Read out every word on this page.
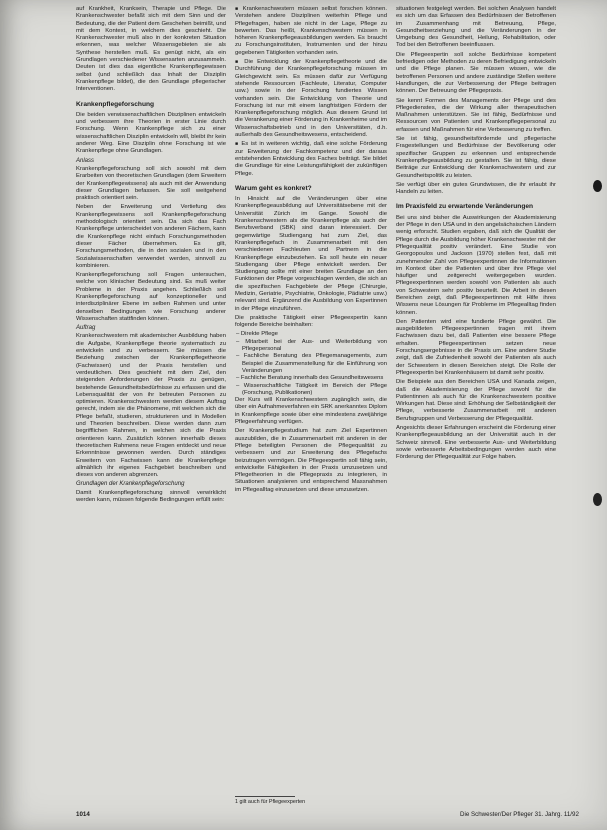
auf Krankheit, Kranksein, Therapie und Pflege. Die Krankenschwester befaßt sich mit dem Sinn und der Bedeutung, die der Patient dem Geschehen beimißt, und mit dem Kontext, in welchem dies geschieht. Die Krankenschwester muß also in der konkreten Situation erkennen, was welcher Wissensgebieten sie als Synthese herstellen muß. Es genügt nicht, als ein Grundlagen verschiedener Wissensarten anzusammeln. Deuten ist dies das eigentliche Krankenpflegewissen selbst (und schließlich das Inhalt der Disziplin Krankenpflege bildet), die den Grundlage pflegerischer Interventionen.

Krankenpflegeforschung

Die beiden verwissenschaftlichen Disziplinen entwickeln und verbessern ihre Theorien in erster Linie durch Forschung. Wenn Krankenpflege sich zu einer wissenschaftlichen Disziplin entwickeln will, bleibt ihr kein anderer Weg. Eine Disziplin ohne Forschung ist wie Krankenpflege ohne Grundlagen.

Anlass

Krankenpflegeforschung soll sich sowohl mit dem Erarbeiten von theoretischen Grundlagen (dem Erweitern der Krankenpflegewissens) als auch mit der Anwendung dieser Grundlagen befassen. Sie soll weitgehend praktisch orientiert sein.

Neben der Erweiterung und Vertiefung des Krankenpflegewissens soll Krankenpflegeforschung methodologisch orientiert sein. Da sich das Fach Krankenpflege unterscheidet von anderen Fächern, kann die Krankenpflege nicht einfach Forschungsmethoden dieser Fächer übernehmen. Es gilt, Forschungsmethoden, die in den sozialen und in den Sozialwissenschaften verwendet werden, sinnvoll zu kombinieren.

Krankenpflegeforschung soll Fragen untersuchen, welche von klinischer Bedeutung sind. Es muß weiter Probleme in der Praxis angehen. Schließlich soll Krankenpflegeforschung auf konzeptioneller und interdisziplinärer Ebene im selben Rahmen und unter denselben Bedingungen wie Forschung anderer Wissenschaften stattfinden können.

Auftrag

Krankenschwestern mit akademischer Ausbildung haben die Aufgabe, Krankenpflege theorie systematisch zu entwickeln und zu verbessern. Sie müssen die Beziehung zwischen der Krankenpflegetheorie (Fachwissen) und der Praxis herstellen und verdeutlichen. Dies geschieht mit dem Ziel, den steigenden Anforderungen der Praxis zu genügen, bestehende Gesundheitsbedürfnisse zu erfassen und die Lebensqualität der von ihr betreuten Personen zu optimieren. Krankenschwestern werden diesem Auftrag gerecht, indem sie die Phänomene, mit welchen sich die Pflege befaßt, studieren, strukturieren und in Modellen und Theorien beschreiben. Diese werden dann zum begrifflichen Rahmen, in welchen sich die Praxis orientieren kann. Zusätzlich können innerhalb dieses theoretischen Rahmens neue Fragen entdeckt und neue Erkenntnisse gewonnen werden. Durch ständiges Erweitern von Fachwissen kann die Krankenpflege allmählich ihr eigenes Fachgebiet beschreiben und dieses von anderen abgrenzen.

Grundlagen der Krankenpflegeforschung

Damit Krankenpflegeforschung sinnvoll verwirklicht werden kann, müssen folgende Bedingungen erfüllt sein:

■ Krankenschwestern müssen selbst forschen können. Verstehen andere Disziplinen weiterhin Pflege und Pflegefragen, haben sie nicht in der Lage, Pflege zu bewerten. Das heißt, Krankenschwestern müssen in höheren Krankenpflegeausbildungen werden. Es braucht zu Forschungsinstituten, Instrumenten und der hinzu gegebenen Tätigkeiten vorhanden sein.

■ Die Entwicklung der Krankenpflegetheorie und die Durchführung der Krankenpflegeforschung müssen im Gleichgewicht sein. Es müssen dafür zur Verfügung stehende Ressourcen (Fachleute, Literatur, Computer usw.) sowie in der Forschung fundiertes Wissen vorhanden sein. Die Entwicklung von Theorie und Forschung ist nur mit einem langfristigen Fördern der Krankenpflegeforschung möglich. Aus diesem Grund ist die Verankerung einer Förderung in Krankenheime und im Wissenschaftsbetrieb und in den Universitäten, d.h. außerhalb des Gesundheitswesens, entscheidend.

■ Es ist in weiteren wichtig, daß eine solche Förderung zur Erweiterung der Fachkompetenz und der daraus entstehenden Entwicklung des Faches beiträgt. Sie bildet die Grundlage für eine Leistungsfähigkeit der zukünftigen Pflege.

Warum geht es konkret?

In Hinsicht auf die Veränderungen über eine Krankenpflegeausbildung auf Universitätsebene mit der Universität Zürich im Gange. Sowohl die Krankenschwestern als die Krankenpflege als auch der Berufsverband (SBK) sind daran interessiert. Der gegenwärtige Studiengang hat zum Ziel, das Krankenpflegefach in Zusammenarbeit mit den verschiedenen Fachleuten und Partnern in die Krankenpflege einzubeziehen. Es soll heute ein neuer Studiengang über Pflege entwickelt werden. Der Studiengang sollte mit einer breiten Grundlage an den Funktionen der Pflege vorgeschlagen werden, die sich an die spezifischen Fachgebiete der Pflege (Chirurgie, Medizin, Geriatrie, Psychiatrie, Onkologie, Pädiatrie usw.) relevant sind. Ergänzend die Ausbildung von Expertinnen in der Pflege einzuführen.

Die praktische Tätigkeit einer Pflegeexpertin kann folgende Bereiche beinhalten:

– Direkte Pflege
– Mitarbeit bei der Aus- und Weiterbildung von Pflegepersonal
– Fachliche Beratung des Pflegemanagements, zum Beispiel die Zusammenstellung für die Einführung von Veränderungen
– Fachliche Beratung innerhalb des Gesundheitswesens
– Wissenschaftliche Tätigkeit im Bereich der Pflege (Forschung, Publikationen)

Der Kurs will Krankenschwestern zugänglich sein, die über ein Aufnahmeverfahren ein SRK anerkanntes Diplom in Krankenpflege sowie über eine mindestens zweijährige Pflegeerfahrung verfügen.

Der Krankenpflegestudium hat zum Ziel Expertinnen auszubilden, die in Zusammenarbeit mit anderen in der Pflege beteiligten Personen die Pflegequalität zu verbessern und zur Erweiterung des Pflegefachs beizutragen vermögen. Die Pflegeexpertin soll fähig sein, entwickelte Fähigkeiten in der Praxis umzusetzen und Pflegetheorien in die Pflegepraxis zu integrieren, in Situationen analysieren und entsprechend Massnahmen im Pflegealltag einzusetzen und diese umzusetzen.

1 gilt auch für Pflegeexperten

situationen festgelegt werden. Bei solchen Analysen handelt es sich um das Erfassen des Bedürfnissen der Betroffenen im Zusammenhang mit Betreuung, Pflege, Gesundheitserziehung und die Veränderungen in der Umgebung des Gesundheit, Heilung, Rehabilitation, oder Tod bei den Betroffenen beeinflussen.

Die Pflegeexpertin soll solche Bedürfnisse kompetent befriedigen oder Methoden zu deren Befriedigung entwickeln und die Pflege planen. Sie müssen wissen, wie die betroffenen Personen und andere zuständige Stellen weitere Handlungen, die zur Verbesserung der Pflege beitragen können. Der Betreuung der Pflegepraxis.

Sie kennt Formen des Managements der Pflege und des Pflegedienstes, die der Wirkung aller therapeutischen Maßnahmen unterstützen. Sie ist fähig, Bedürfnisse und Ressourcen von Patienten und Krankenpflegepersonal zu erfassen und Maßnahmen für eine Verbesserung zu treffen.

Sie ist fähig, gesundheitsfördernde und pflegerische Fragestellungen und Bedürfnisse der Bevölkerung oder spezifischer Gruppen zu erkennen und entsprechende Krankenpflegeausbildung zu gestalten. Sie ist fähig, diese Beiträge zur Entwicklung der Krankenschwestern und zur Gesundheitspolitik zu leisten.

Sie verfügt über ein gutes Grundwissen, die ihr erlaubt ihr Handeln zu leiten.

Im Praxisfeld zu erwartende Veränderungen

Bei uns sind bisher die Auswirkungen der Akademisierung der Pflege in den USA und in den angelsächsischen Ländern wenig erforscht. Studien ergaben, daß sich die Qualität der Pflege durch die Ausbildung höher Krankenschwester mit der Pflegequalität positiv verändert. Eine Studie von Georgopoulos und Jackson (1970) stellen fest, daß mit zunehmender Zahl von Pflegeexpertinnen die Informationen im Kontext über die Patienten und über ihre Pflege viel häufiger und zeitgerecht weitergegeben wurden. Pflegeexpertinnen werden sowohl von Patienten als auch von Schwestern sehr positiv beurteilt. Die Arbeit in diesen Bereichen zeigt, daß Pflegeexpertinnen mit Hilfe ihres Wissens neue Lösungen für Probleme im Pflegealltag finden können.

Den Patienten wird eine fundierte Pflege gewährt. Die ausgebildeten Pflegeexpertinnen tragen mit ihrem Fachwissen dazu bei, daß Patienten eine bessere Pflege erhalten. Pflegeexpertinnen setzen neue Forschungsergebnisse in die Praxis um. Eine andere Studie zeigt, daß die Zufriedenheit sowohl der Patienten als auch der Schwestern in diesen Bereichen steigt. Die Rolle der Pflegeexpertin bei Krankenhäusern ist damit sehr positiv.

Die Beispiele aus den Bereichen USA und Kanada zeigen, daß die Akademisierung der Pflege sowohl für die Patientinnen als auch für die Krankenschwestern positive Wirkungen hat. Diese sind: Erhöhung der Selbständigkeit der Pflege, verbesserte Zusammenarbeit mit anderen Berufsgruppen und Verbesserung der Pflegequalität.

Angesichts dieser Erfahrungen erscheint die Förderung einer Krankenpflegeausbildung an der Universität auch in der Schweiz sinnvoll. Eine verbesserte Aus- und Weiterbildung sowie verbesserte Arbeitsbedingungen werden auch eine Förderung der Pflegequalität zur Folge haben.

1014	Die Schwester/Der Pfleger 31. Jahrg. 11/92
